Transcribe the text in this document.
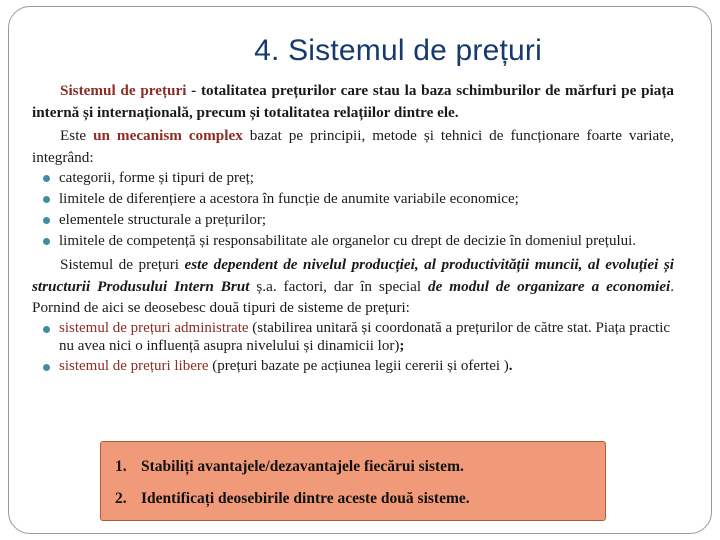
4. Sistemul de prețuri

Sistemul de prețuri - totalitatea prețurilor care stau la baza schimburilor de mărfuri pe piața internă și internațională, precum și totalitatea relațiilor dintre ele.

Este un mecanism complex bazat pe principii, metode și tehnici de funcționare foarte variate, integrând:

categorii, forme și tipuri de preț;
limitele de diferențiere a acestora în funcție de anumite variabile economice;
elementele structurale a prețurilor;
limitele de competență și responsabilitate ale organelor cu drept de decizie în domeniul prețului.

Sistemul de prețuri este dependent de nivelul producției, al productivității muncii, al evoluției și structurii Produsului Intern Brut ș.a. factori, dar în special de modul de organizare a economiei. Pornind de aici se deosebesc două tipuri de sisteme de prețuri:

sistemul de prețuri administrate (stabilirea unitară și coordonată a prețurilor de către stat. Piața practic nu avea nici o influență asupra nivelului și dinamicii lor);
sistemul de prețuri libere (prețuri bazate pe acțiunea legii cererii și ofertei ).
1. Stabiliți avantajele/dezavantajele fiecărui sistem.
2. Identificați deosebirile dintre aceste două sisteme.
